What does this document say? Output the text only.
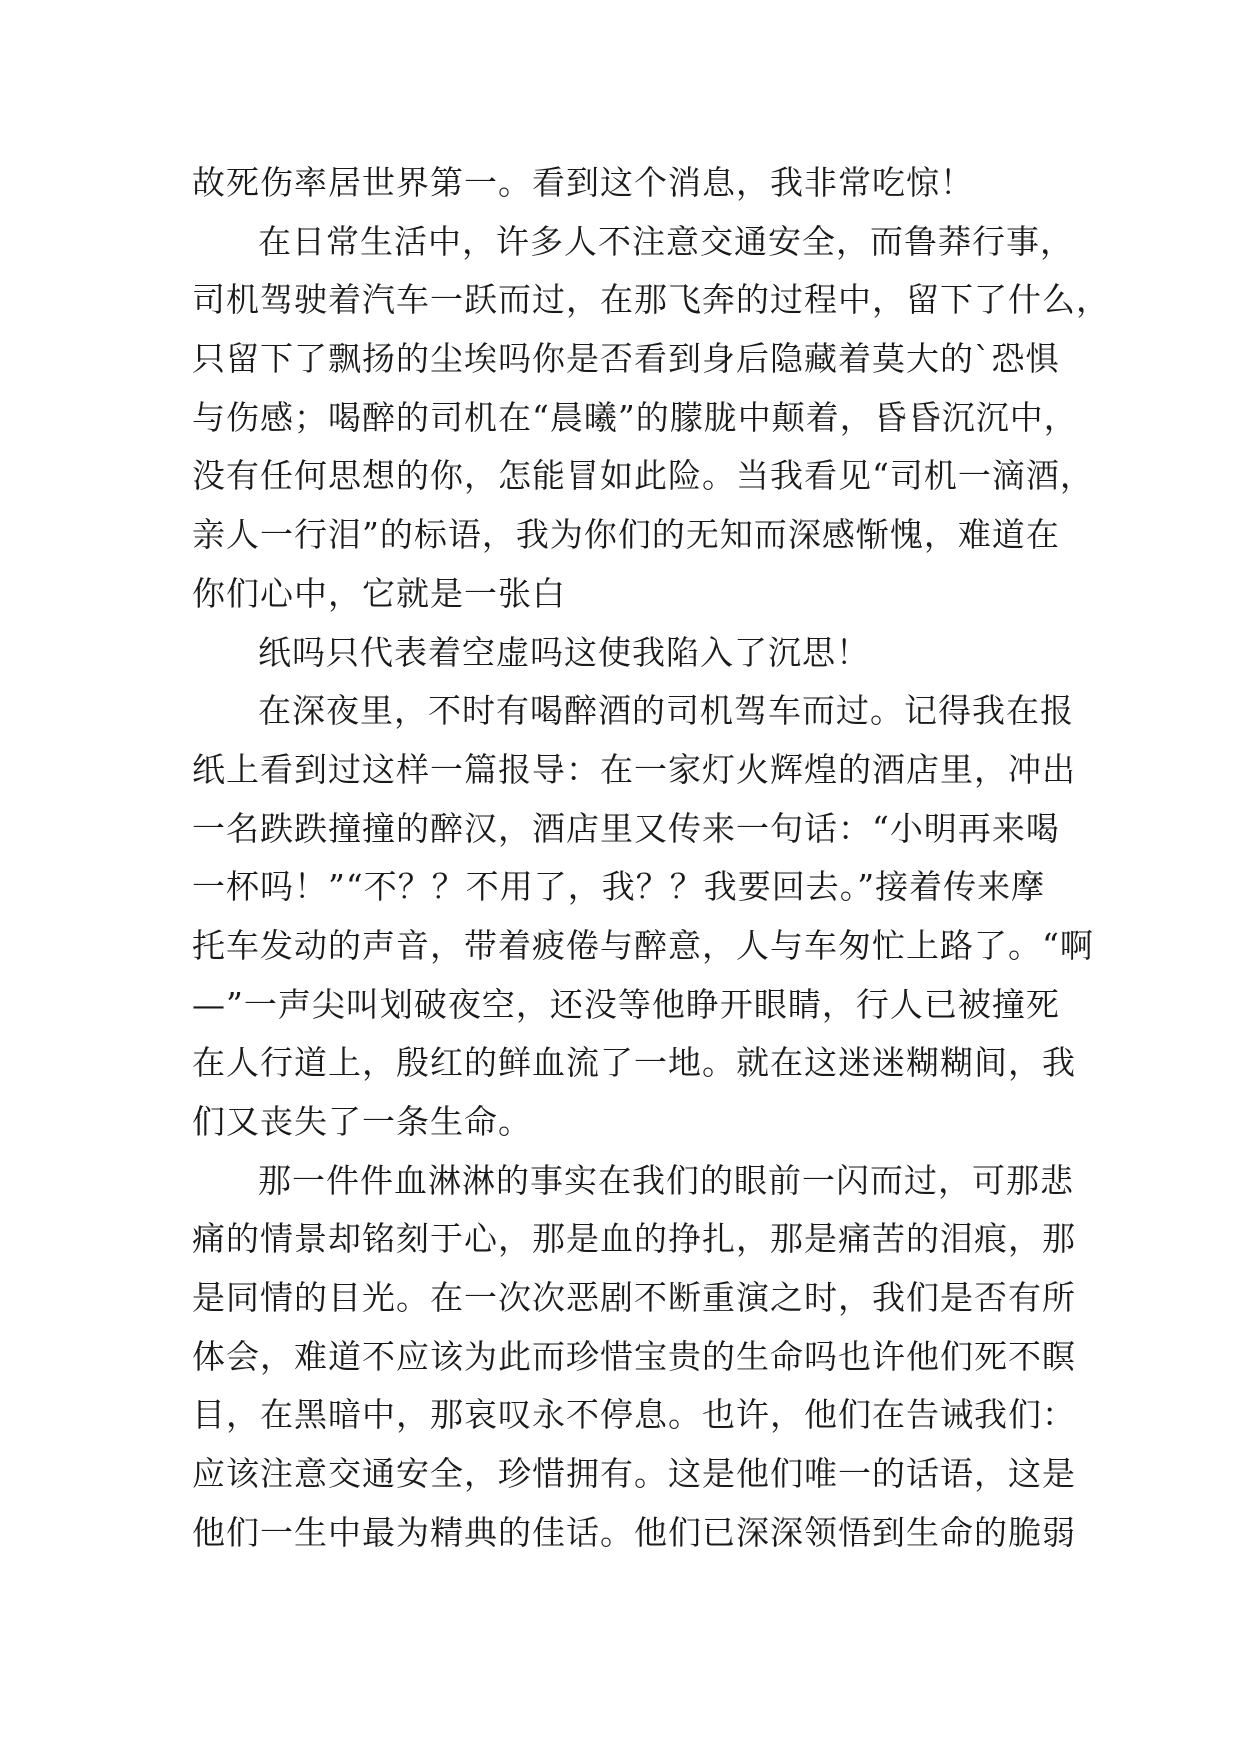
故死伤率居世界第一。看到这个消息，我非常吃惊！
在日常生活中，许多人不注意交通安全，而鲁莽行事，
司机驾驶着汽车一跃而过，在那飞奔的过程中，留下了什么，
只留下了飘扬的尘埃吗你是否看到身后隐藏着莫大的`恐惧
与伤感；喝醉的司机在“晨曦”的朦胧中颠着，昏昏沉沉中，
没有任何思想的你，怎能冒如此险。当我看见“司机一滴酒，
亲人一行泪”的标语，我为你们的无知而深感惭愧，难道在
你们心中，它就是一张白
纸吗只代表着空虚吗这使我陷入了沉思！
在深夜里，不时有喝醉酒的司机驾车而过。记得我在报
纸上看到过这样一篇报导：在一家灯火辉煌的酒店里，冲出
一名跌跌撞撞的醉汉，酒店里又传来一句话：“小明再来喝
一杯吗！”“不？？不用了，我？？我要回去。”接着传来摩
托车发动的声音，带着疲倦与醉意，人与车匆忙上路了。“啊
—”一声尖叫划破夜空，还没等他睁开眼睛，行人已被撞死
在人行道上，殷红的鲜血流了一地。就在这迷迷糊糊间，我
们又丧失了一条生命。
那一件件血淋淋的事实在我们的眼前一闪而过，可那悲
痛的情景却铭刻于心，那是血的挣扎，那是痛苦的泪痕，那
是同情的目光。在一次次恶剧不断重演之时，我们是否有所
体会，难道不应该为此而珍惜宝贵的生命吗也许他们死不瞑
目，在黑暗中，那哀叹永不停息。也许，他们在告诫我们：
应该注意交通安全，珍惜拥有。这是他们唯一的话语，这是
他们一生中最为精典的佳话。他们已深深领悟到生命的脆弱
